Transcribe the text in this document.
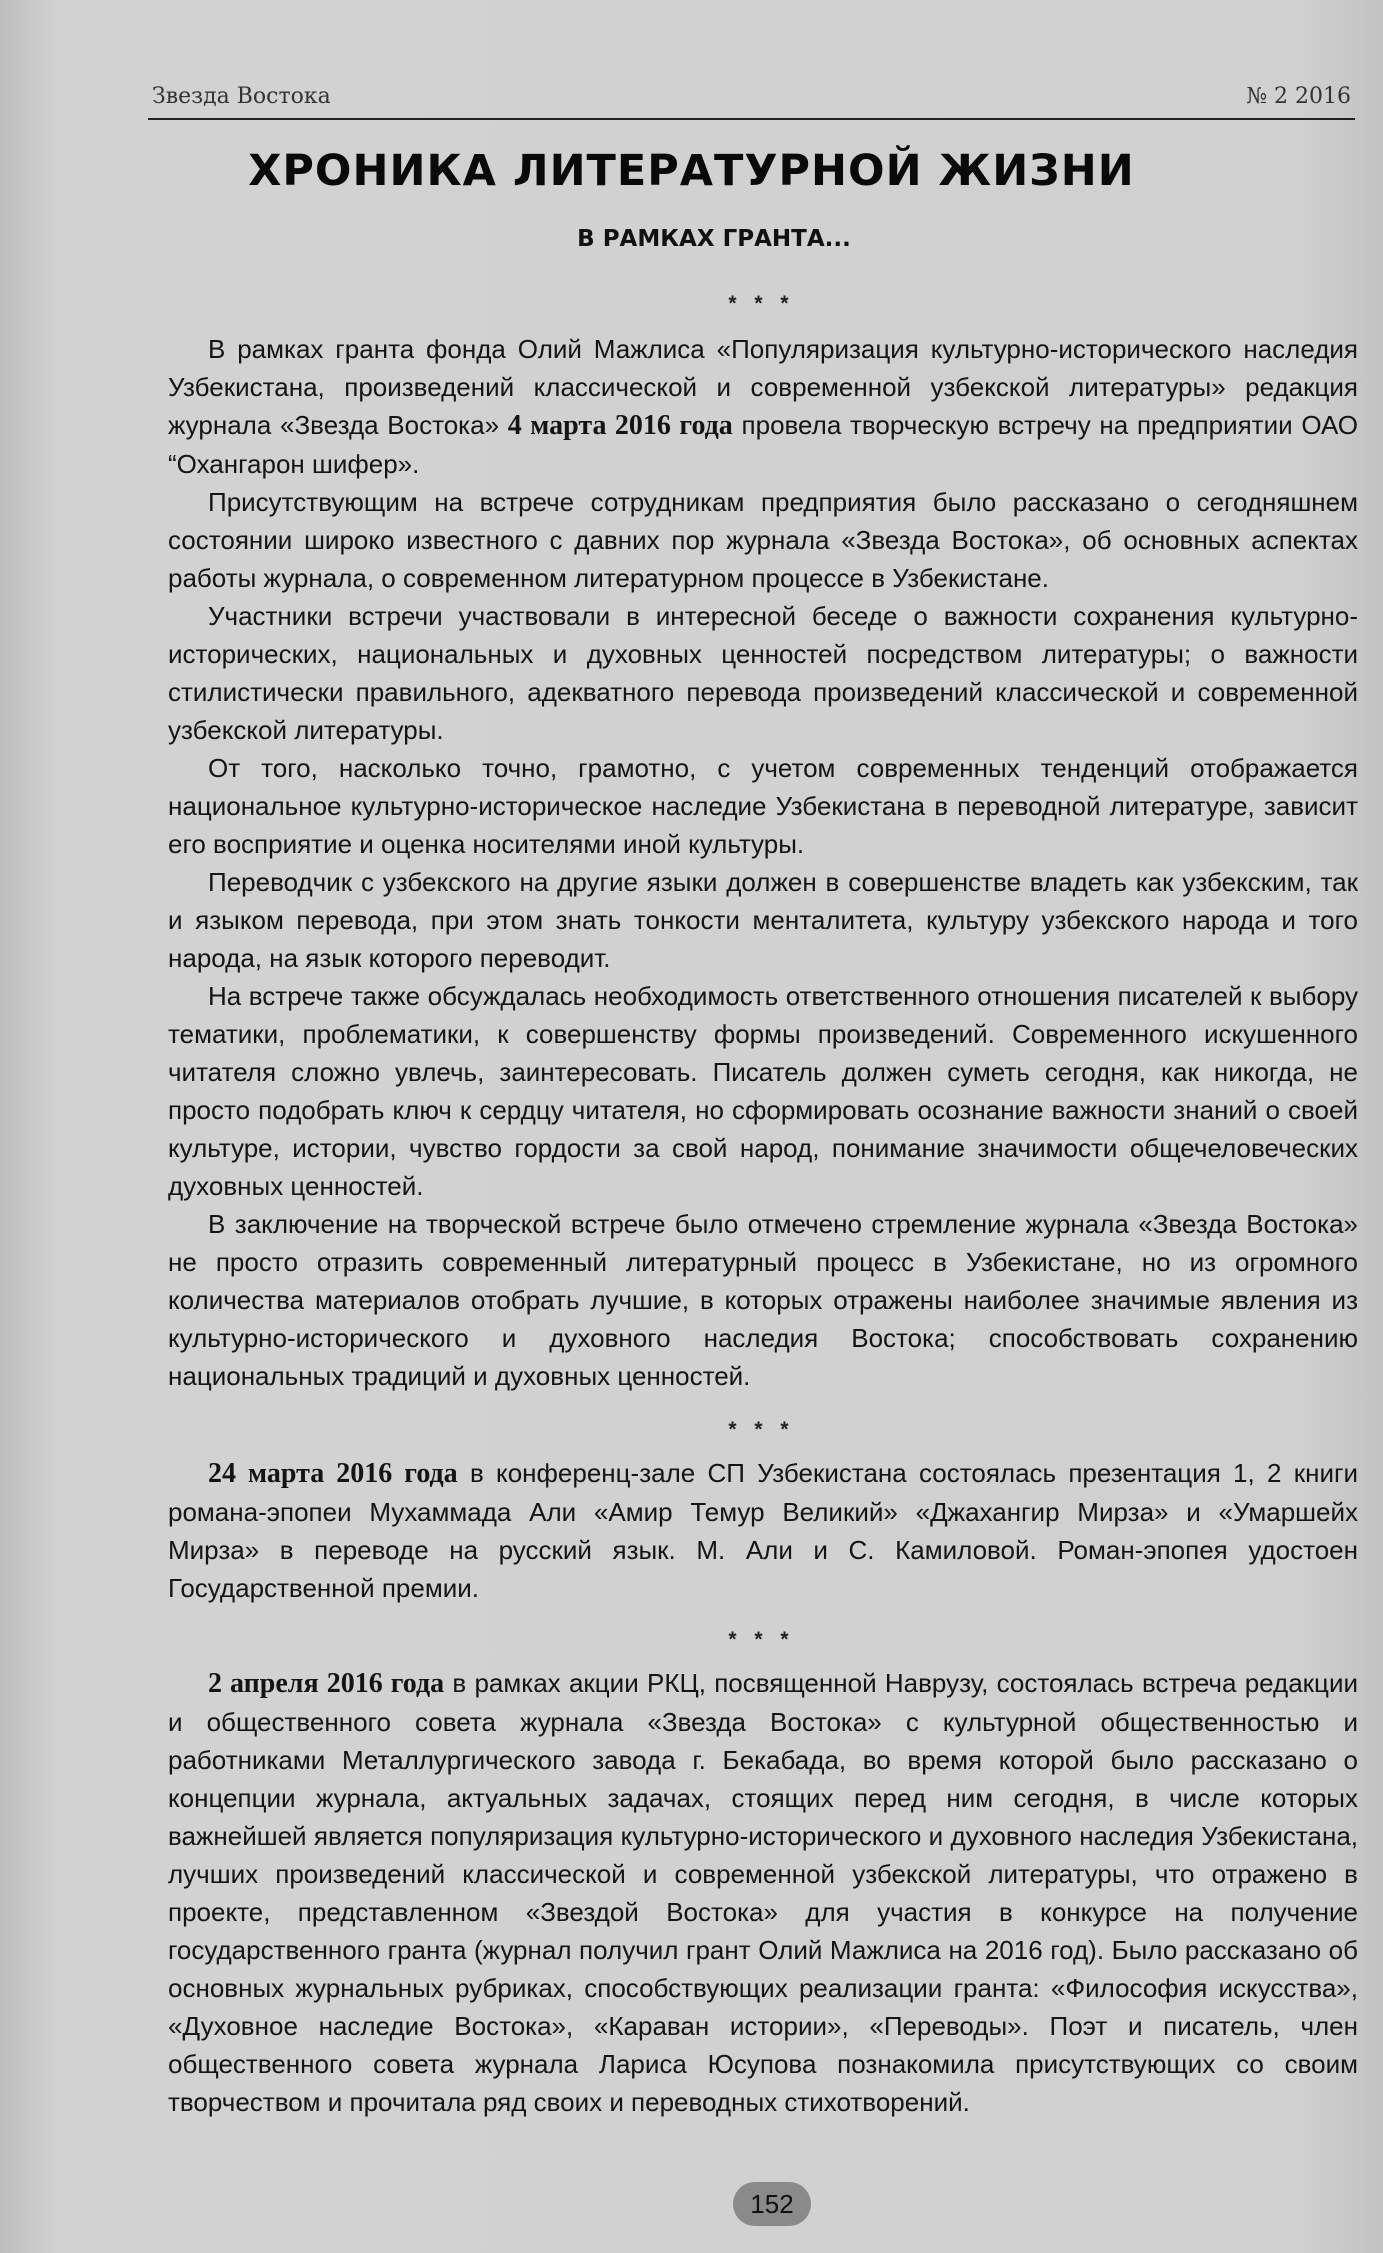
Звезда Востока	№ 2 2016
ХРОНИКА ЛИТЕРАТУРНОЙ ЖИЗНИ
В РАМКАХ ГРАНТА...
* * *

В рамках гранта фонда Олий Мажлиса «Популяризация культурно-исторического наследия Узбекистана, произведений классической и современной узбекской литературы» редакция журнала «Звезда Востока» 4 марта 2016 года провела творческую встречу на предприятии ОАО “Охангарон шифер».

Присутствующим на встрече сотрудникам предприятия было рассказано о сегодняшнем состоянии широко известного с давних пор журнала «Звезда Востока», об основных аспектах работы журнала, о современном литературном процессе в Узбекистане.

Участники встречи участвовали в интересной беседе о важности сохранения культурно-исторических, национальных и духовных ценностей посредством литературы; о важности стилистически правильного, адекватного перевода произведений классической и современной узбекской литературы.

От того, насколько точно, грамотно, с учетом современных тенденций отображается национальное культурно-историческое наследие Узбекистана в переводной литературе, зависит его восприятие и оценка носителями иной культуры.

Переводчик с узбекского на другие языки должен в совершенстве владеть как узбекским, так и языком перевода, при этом знать тонкости менталитета, культуру узбекского народа и того народа, на язык которого переводит.

На встрече также обсуждалась необходимость ответственного отношения писателей к выбору тематики, проблематики, к совершенству формы произведений. Современного искушенного читателя сложно увлечь, заинтересовать. Писатель должен суметь сегодня, как никогда, не просто подобрать ключ к сердцу читателя, но сформировать осознание важности знаний о своей культуре, истории, чувство гордости за свой народ, понимание значимости общечеловеческих духовных ценностей.

В заключение на творческой встрече было отмечено стремление журнала «Звезда Востока» не просто отразить современный литературный процесс в Узбекистане, но из огромного количества материалов отобрать лучшие, в которых отражены наиболее значимые явления из культурно-исторического и духовного наследия Востока; способствовать сохранению национальных традиций и духовных ценностей.

* * *

24 марта 2016 года в конференц-зале СП Узбекистана состоялась презентация 1, 2 книги романа-эпопеи Мухаммада Али «Амир Темур Великий» «Джахангир Мирза» и «Умаршейх Мирза» в переводе на русский язык. М. Али и С. Камиловой. Роман-эпопея удостоен Государственной премии.

* * *

2 апреля 2016 года в рамках акции РКЦ, посвященной Наврузу, состоялась встреча редакции и общественного совета журнала «Звезда Востока» с культурной общественностью и работниками Металлургического завода г. Бекабада, во время которой было рассказано о концепции журнала, актуальных задачах, стоящих перед ним сегодня, в числе которых важнейшей является популяризация культурно-исторического и духовного наследия Узбекистана, лучших произведений классической и современной узбекской литературы, что отражено в проекте, представленном «Звездой Востока» для участия в конкурсе на получение государственного гранта (журнал получил грант Олий Мажлиса на 2016 год). Было рассказано об основных журнальных рубриках, способствующих реализации гранта: «Философия искусства», «Духовное наследие Востока», «Караван истории», «Переводы». Поэт и писатель, член общественного совета журнала Лариса Юсупова познакомила присутствующих со своим творчеством и прочитала ряд своих и переводных стихотворений.

152
